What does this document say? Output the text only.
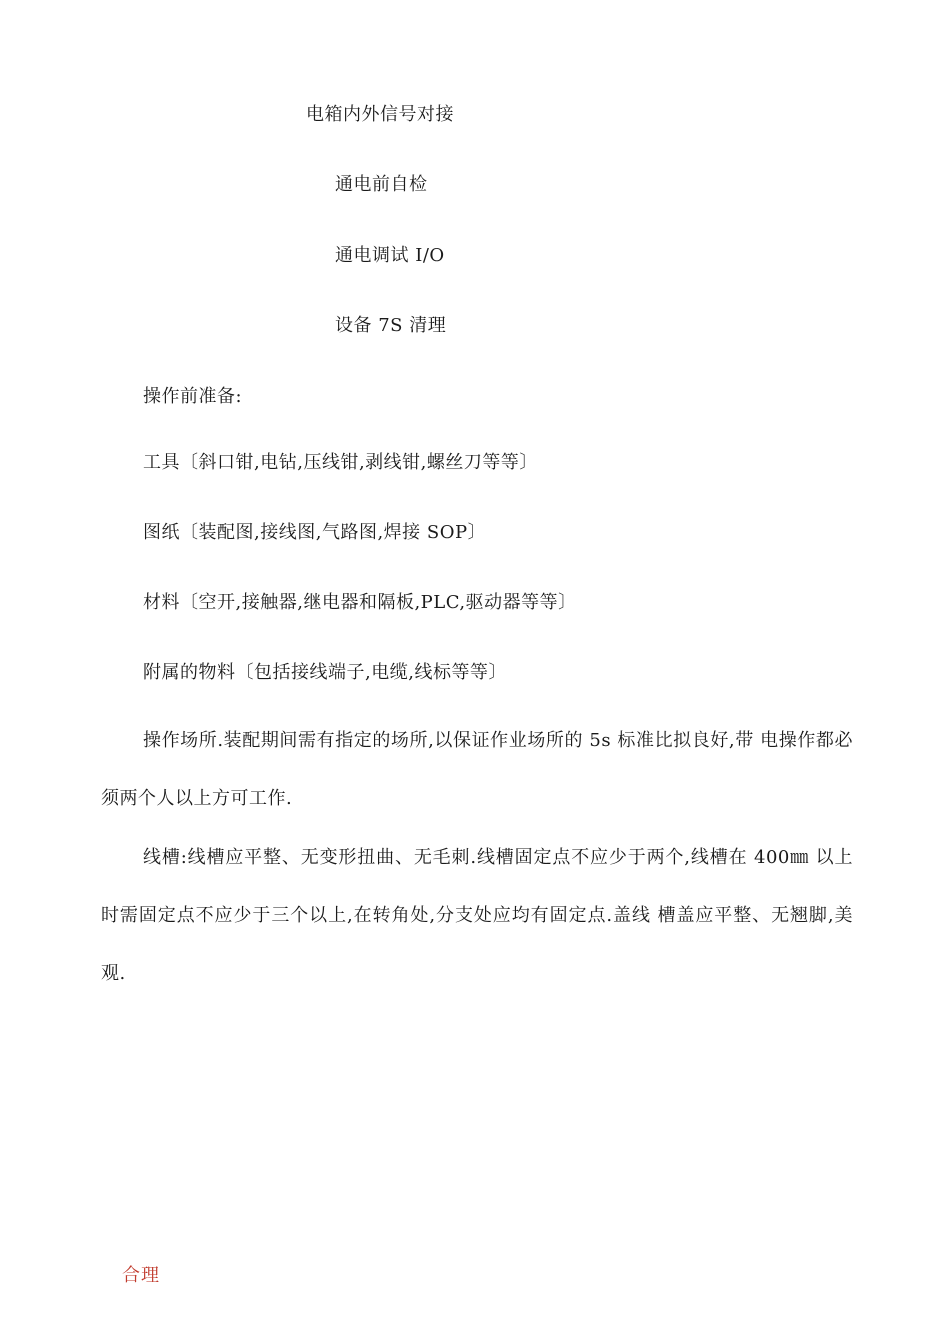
电箱内外信号对接
通电前自检
通电调试 I/O
设备 7S 清理
操作前准备:
工具〔斜口钳,电钻,压线钳,剥线钳,螺丝刀等等〕
图纸〔装配图,接线图,气路图,焊接 SOP〕
材料〔空开,接触器,继电器和隔板,PLC,驱动器等等〕
附属的物料〔包括接线端子,电缆,线标等等〕
操作场所.装配期间需有指定的场所,以保证作业场所的 5s 标准比拟良好,带 电操作都必须两个人以上方可工作.
线槽:线槽应平整、无变形扭曲、无毛刺.线槽固定点不应少于两个,线槽在 400㎜ 以上时需固定点不应少于三个以上,在转角处,分支处应均有固定点.盖线 槽盖应平整、无翘脚,美观.
合理
